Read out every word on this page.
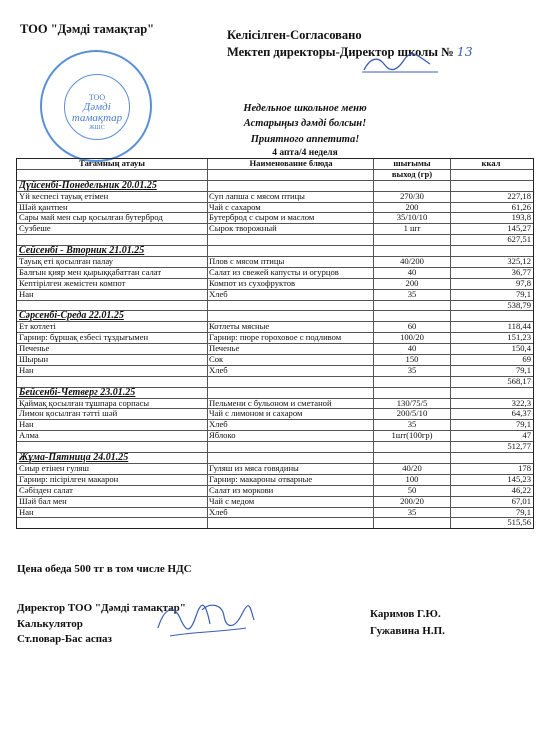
ТОО "Дәмді тамақтар"	Келісілген-Согласовано
Мектеп директоры-Директор школы № 13
ТОО
Дәмді тамақтар
ЖШС
Недельное школьное меню
Астарыңыз дәмді болсын!
Приятного аппетита!
4 апта/4 неделя
Тағамның атауы	Наименование блюда	шығымы	ккал
выход (гр)
Дүйсенбі-Понедельник 20.01.25
Үй кеспесі тауық етімен	Суп лапша с мясом птицы	270/30	227,18
Шәй қантпен	Чай с сахаром	200	61,26
Сары май мен сыр қосылған бутерброд	Бутерброд с сыром и маслом	35/10/10	193,8
Сузбеше	Сырок творожный	1 шт	145,27
627,51
Сейсенбі - Вторник 21.01.25
Тауық еті қосылған палау	Плов с мясом птицы	40/200	325,12
Балғын қияр мен қырыққабаттан салат	Салат из свежей капусты и огурцов	40	36,77
Кептірілген жемістен компот	Компот из сухофруктов	200	97,8
Нан	Хлеб	35	79,1
538,79
Сәрсенбі-Среда 22.01.25
Ет котлеті	Котлеты мясные	60	118,44
Гарнир: бұршақ езбесі тұздығымен	Гарнир: пюре гороховое с подливом	100/20	151,23
Печенье	Печенье	40	150,4
Шырын	Сок	150	69
Нан	Хлеб	35	79,1
568,17
Бейсенбі-Четверг 23.01.25
Қаймақ қосылған тұшпара сорпасы	Пельмени с бульоном и сметаной	130/75/5	322,3
Лимон қосылған тәтті шәй	Чай с лимоном и сахаром	200/5/10	64,37
Нан	Хлеб	35	79,1
Алма	Яблоко	1шт(100гр)	47
512,77
Жұма-Пятница 24.01.25
Сиыр етінен гуляш	Гуляш из мяса говядины	40/20	178
Гарнир: пісірілген макарон	Гарнир: макароны отварные	100	145,23
Сәбізден салат	Салат из моркови	50	46,22
Шәй бал мен	Чай с медом	200/20	67,01
Нан	Хлеб	35	79,1
515,56
Цена обеда 500 тг в том числе НДС
Директор ТОО "Дәмді тамақтар"
Калькулятор
Ст.повар-Бас аспаз
Каримов Г.Ю.
Гужавина Н.П.
